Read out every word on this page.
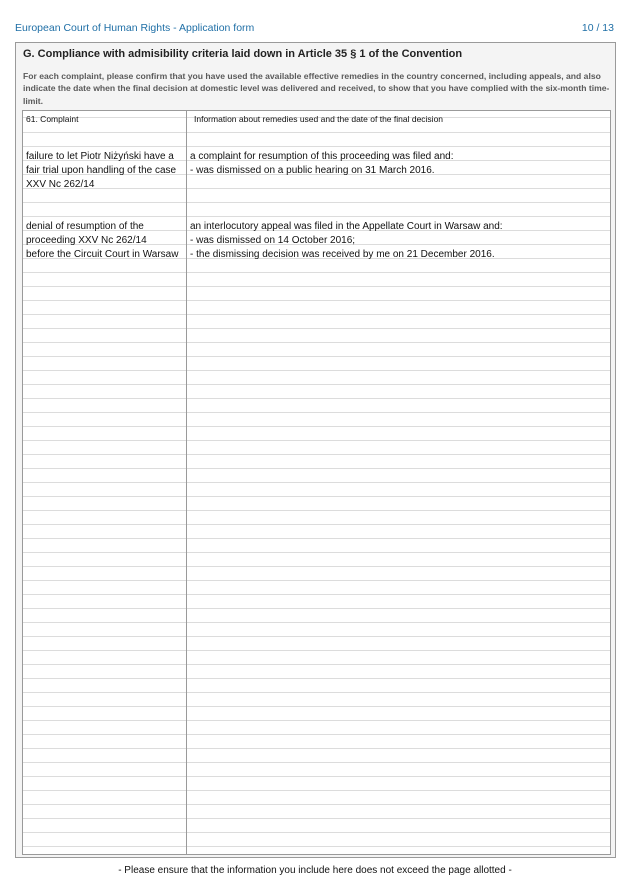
European Court of Human Rights - Application form	10 / 13
G. Compliance with admisibility criteria laid down in Article 35 § 1 of the Convention
For each complaint, please confirm that you have used the available effective remedies in the country concerned, including appeals, and also indicate the date when the final decision at domestic level was delivered and received, to show that you have complied with the six-month time-limit.
61. Complaint	Information about remedies used and the date of the final decision
failure to let Piotr Niżyński have a fair trial upon handling of the case XXV Nc 262/14
a complaint for resumption of this proceeding was filed and:
- was dismissed on a public hearing on 31 March 2016.
denial of resumption of the proceeding XXV Nc 262/14
before the Circuit Court in Warsaw
an interlocutory appeal was filed in the Appellate Court in Warsaw and:
- was dismissed on 14 October 2016;
- the dismissing decision was received by me on 21 December 2016.
- Please ensure that the information you include here does not exceed the page allotted -
